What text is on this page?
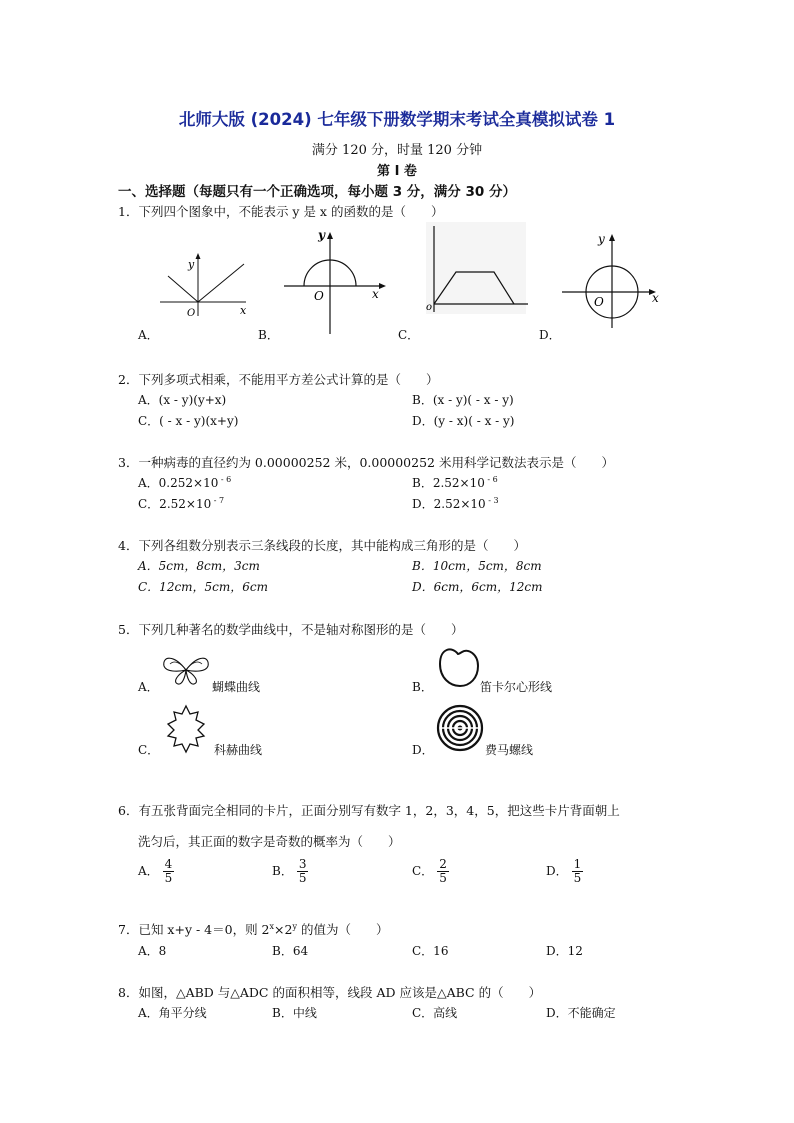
北师大版 (2024) 七年级下册数学期末考试全真模拟试卷 1
满分 120 分，时量 120 分钟
第 I 卷
一、选择题（每题只有一个正确选项，每小题 3 分，满分 30 分）
1．下列四个图象中，不能表示 y 是 x 的函数的是（　　）
y
x
O
A．
y
x
O
B．
o
C．
y
x
O
D．
2．下列多项式相乘，不能用平方差公式计算的是（　　）
A．(x - y)(y+x)	B．(x - y)( - x - y)
C．( - x - y)(x+y)	D．(y - x)( - x - y)
3．一种病毒的直径约为 0.00000252 米，0.00000252 米用科学记数法表示是（　　）
A．0.252×10 $^{- 6}$	B．2.52×10 $^{- 6}$
C．2.52×10 $^{- 7}$	D．2.52×10 $^{- 3}$
4．下列各组数分别表示三条线段的长度，其中能构成三角形的是（　　）
A．5cm，8cm，3cm	B．10cm，5cm，8cm
C．12cm，5cm，6cm	D．6cm，6cm，12cm
5．下列几种著名的数学曲线中，不是轴对称图形的是（　　）
A．	蝴蝶曲线	B．	笛卡尔心形线
C．	科赫曲线	D．	费马螺线
6．有五张背面完全相同的卡片，正面分别写有数字 1，2，3，4，5，把这些卡片背面朝上
洗匀后，其正面的数字是奇数的概率为（　　）
A． $\frac{4}{5}$	B． $\frac{3}{5}$	C． $\frac{2}{5}$	D． $\frac{1}{5}$
7．已知 x+y - 4＝0，则 $2^x\times 2^y$ 的值为（　　）
A．8	B．64	C．16	D．12
8．如图，△ABD 与△ADC 的面积相等，线段 AD 应该是△ABC 的（　　）
A．角平分线	B．中线	C．高线	D．不能确定
